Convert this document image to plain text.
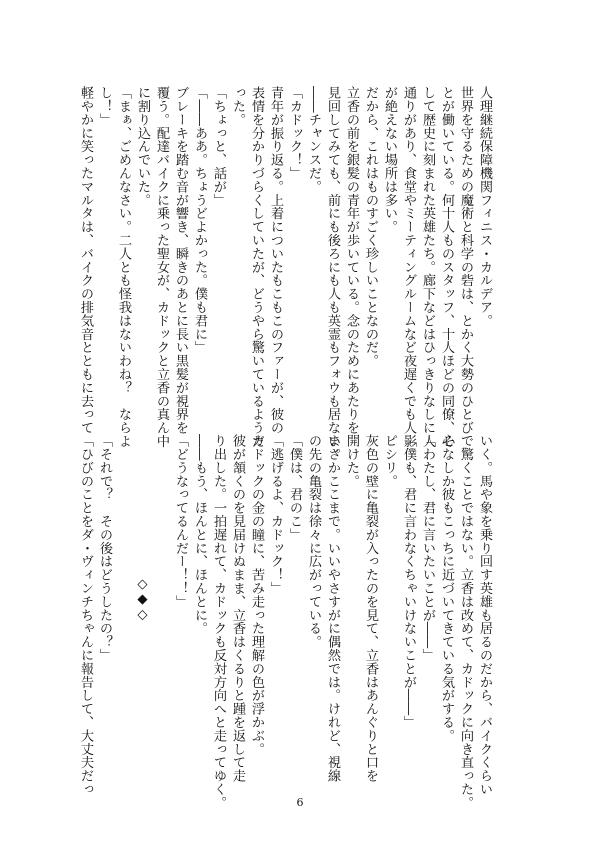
人理継続保障機関フィニス・カルデア。
世界を守るための魔術と科学の砦は、とかく大勢のひとび
とが働いている。何十人ものスタッフ、十人ほどの同僚、そ
して歴史に刻まれた英雄たち。廊下などはひっきりなしに人
通りがあり、食堂やミーティングルームなど夜遅くでも人影
が絶えない場所は多い。
だから、これはものすごく珍しいことなのだ。
立香の前を銀髪の青年が歩いている。念のためにあたりを
見回してみても、前にも後ろにも人も英霊もフォウも居ない。
――チャンスだ。
「カドック！」
青年が振り返る。上着についたもこもこのファーが、彼の
表情を分かりづらくしていたが、どうやら驚いているようだ
った。
「ちょっと、話が」
「――ああ。ちょうどよかった。僕も君に」
ブレーキを踏む音が響き、瞬きのあとに長い黒髪が視界を
覆う。配達バイクに乗った聖女が、カドックと立香の真ん中
に割り込んでいた。
「まぁ、ごめんなさい。二人とも怪我はないわね？　ならよ
し！」
軽やかに笑ったマルタは、バイクの排気音とともに去って
いく。馬や象を乗り回す英雄も居るのだから、バイクくらい
で驚くことではない。立香は改めて、カドックに向き直った。
心なしか彼もこっちに近づいてきている気がする。
「わたし、君に言いたいことが――」
「僕も、君に言わなくちゃいけないことが――」
ピシリ。
灰色の壁に亀裂が入ったのを見て、立香はあんぐりと口を
開けた。
まさかここまで。いいやさすがに偶然では。けれど、視線
の先の亀裂は徐々に広がっている。
「僕は、君のこ」
「逃げるよ、カドック！」
カドックの金の瞳に、苦み走った理解の色が浮かぶ。
彼が頷くのを見届けぬまま、立香はくるりと踵を返して走
り出した。一拍遅れて、カドックも反対方向へと走ってゆく。
――もう、ほんとに、ほんとに。
「どうなってるんだー！！」
◇◆◇
「それで？　その後はどうしたの？」
「ひびのことをダ・ヴィンチちゃんに報告して、大丈夫だっ
6
